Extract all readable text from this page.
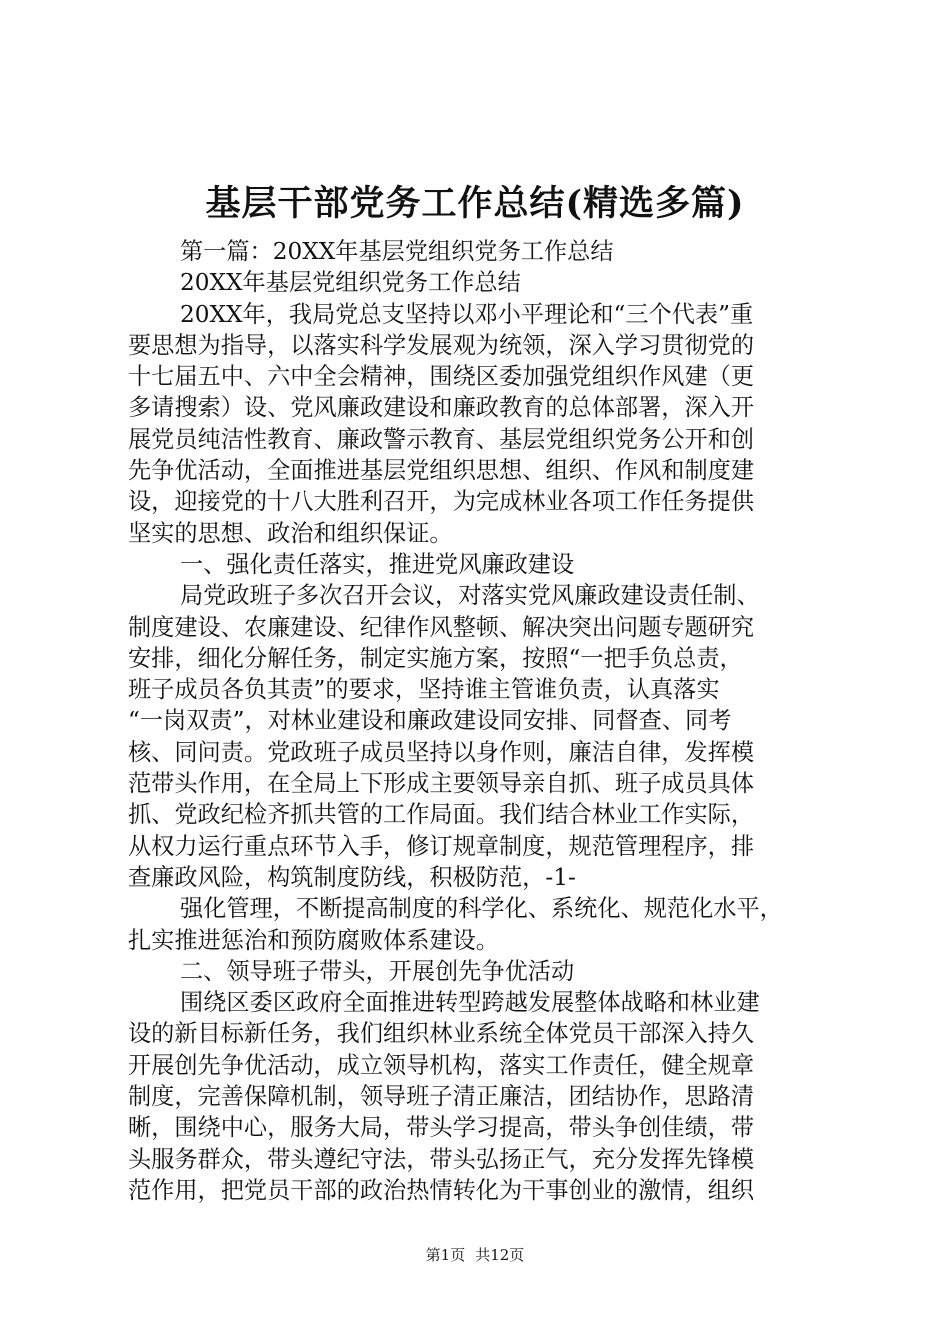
基层干部党务工作总结(精选多篇)
第一篇：20XX年基层党组织党务工作总结
20XX年基层党组织党务工作总结
20XX年，我局党总支坚持以邓小平理论和“三个代表”重
要思想为指导，以落实科学发展观为统领，深入学习贯彻党的
十七届五中、六中全会精神，围绕区委加强党组织作风建（更
多请搜索）设、党风廉政建设和廉政教育的总体部署，深入开
展党员纯洁性教育、廉政警示教育、基层党组织党务公开和创
先争优活动，全面推进基层党组织思想、组织、作风和制度建
设，迎接党的十八大胜利召开，为完成林业各项工作任务提供
坚实的思想、政治和组织保证。
一、强化责任落实，推进党风廉政建设
局党政班子多次召开会议，对落实党风廉政建设责任制、
制度建设、农廉建设、纪律作风整顿、解决突出问题专题研究
安排，细化分解任务，制定实施方案，按照“一把手负总责，
班子成员各负其责”的要求，坚持谁主管谁负责，认真落实
“一岗双责”，对林业建设和廉政建设同安排、同督查、同考
核、同问责。党政班子成员坚持以身作则，廉洁自律，发挥模
范带头作用，在全局上下形成主要领导亲自抓、班子成员具体
抓、党政纪检齐抓共管的工作局面。我们结合林业工作实际，
从权力运行重点环节入手，修订规章制度，规范管理程序，排
查廉政风险，构筑制度防线，积极防范，-1-
强化管理，不断提高制度的科学化、系统化、规范化水平，
扎实推进惩治和预防腐败体系建设。
二、领导班子带头，开展创先争优活动
围绕区委区政府全面推进转型跨越发展整体战略和林业建
设的新目标新任务，我们组织林业系统全体党员干部深入持久
开展创先争优活动，成立领导机构，落实工作责任，健全规章
制度，完善保障机制，领导班子清正廉洁，团结协作，思路清
晰，围绕中心，服务大局，带头学习提高，带头争创佳绩，带
头服务群众，带头遵纪守法，带头弘扬正气，充分发挥先锋模
范作用，把党员干部的政治热情转化为干事创业的激情，组织
第1页 共12页
